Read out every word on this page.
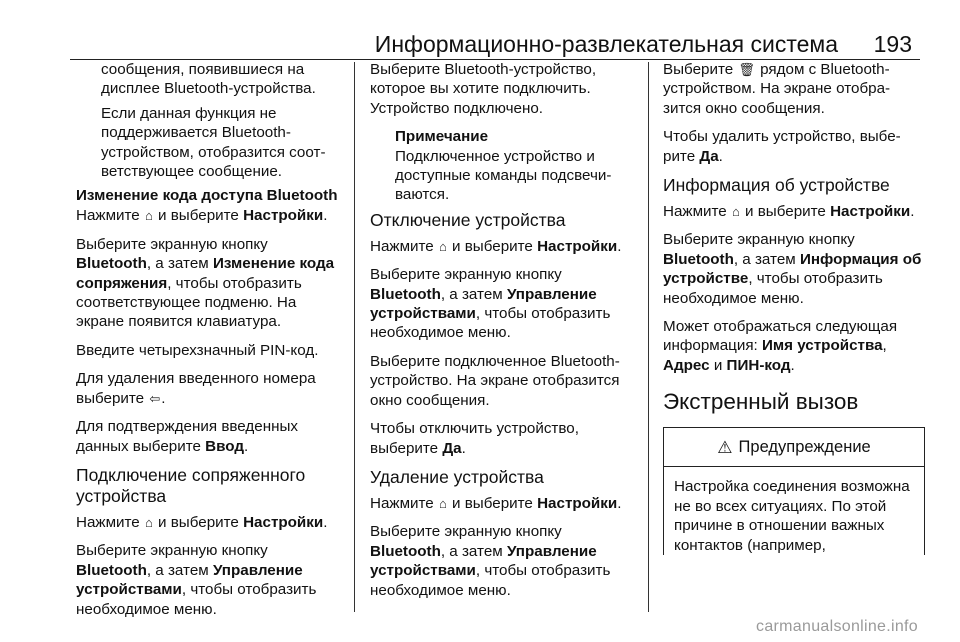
Информационно-развлекательная система 193

сообщения, появившиеся на дисплее Bluetooth-устройства.

Если данная функция не поддерживается Bluetooth-устройством, отобразится соот-ветствующее сообщение.

Изменение кода доступа Bluetooth

Нажмите ⌂ и выберите Настройки.

Выберите экранную кнопку Bluetooth, а затем Изменение кода сопряжения, чтобы отобразить соответствующее подменю. На экране появится клавиатура.

Введите четырехзначный PIN-код.

Для удаления введенного номера выберите ⇦.

Для подтверждения введенных данных выберите Ввод.

Подключение сопряженного устройства

Нажмите ⌂ и выберите Настройки.

Выберите экранную кнопку Bluetooth, а затем Управление устройствами, чтобы отобразить необходимое меню.

Выберите Bluetooth-устройство, которое вы хотите подключить. Устройство подключено.

Примечание

Подключенное устройство и доступные команды подсвечи-ваются.

Отключение устройства

Нажмите ⌂ и выберите Настройки.

Выберите экранную кнопку Bluetooth, а затем Управление устройствами, чтобы отобразить необходимое меню.

Выберите подключенное Bluetooth-устройство. На экране отобразится окно сообщения.

Чтобы отключить устройство, выберите Да.

Удаление устройства

Нажмите ⌂ и выберите Настройки.

Выберите экранную кнопку Bluetooth, а затем Управление устройствами, чтобы отобразить необходимое меню.

Выберите 🗑 рядом с Bluetooth-устройством. На экране отобра-зится окно сообщения.

Чтобы удалить устройство, выбе-рите Да.

Информация об устройстве

Нажмите ⌂ и выберите Настройки.

Выберите экранную кнопку Bluetooth, а затем Информация об устройстве, чтобы отобразить необходимое меню.

Может отображаться следующая информация: Имя устройства, Адрес и ПИН-код.

Экстренный вызов
⚠ Предупреждение
Настройка соединения возможна не во всех ситуациях. По этой причине в отношении важных контактов (например,
carmanualsonline.info
